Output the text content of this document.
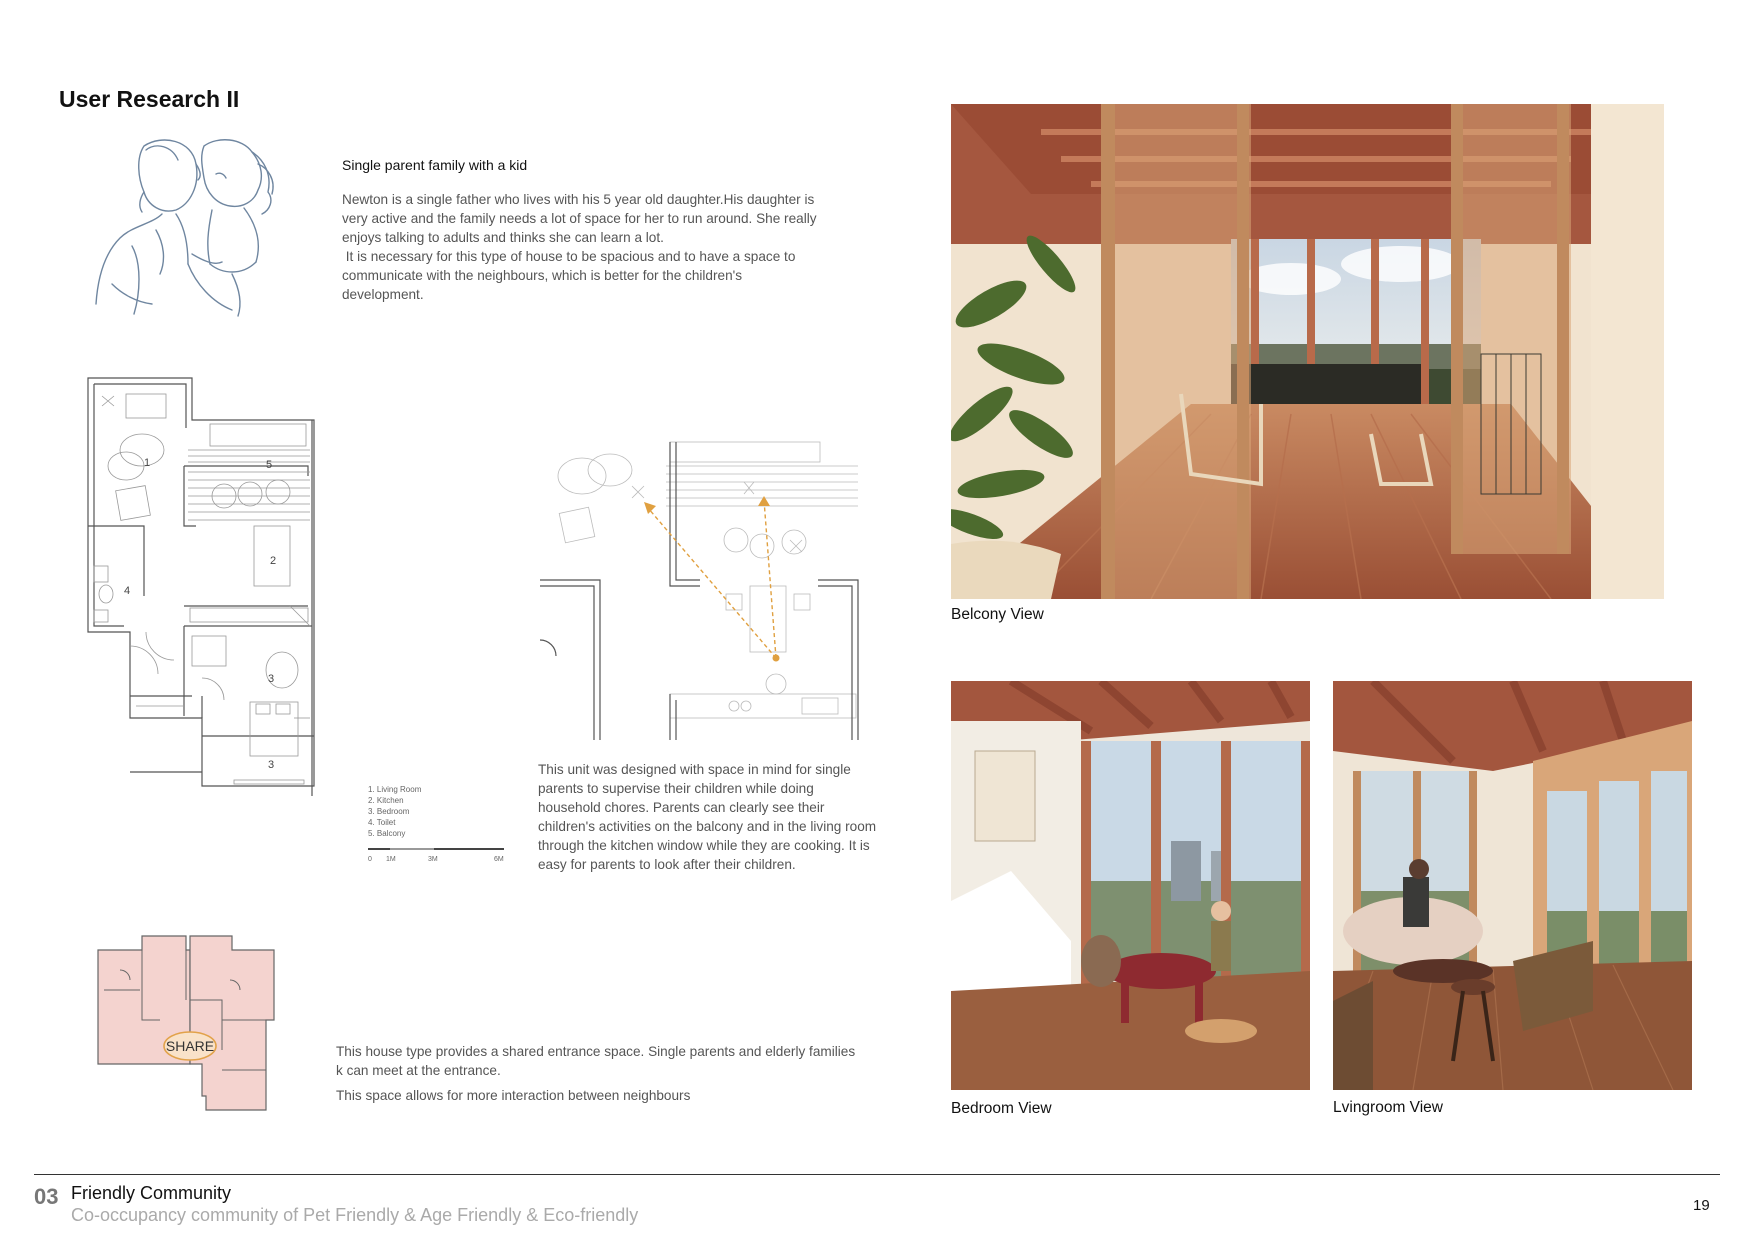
User Research II
Single parent family with a kid

Newton is a single father who lives with his 5 year old daughter.His daughter is very active and the family needs a lot of space for her to run around. She really enjoys talking to adults and thinks she can learn a lot.

It is necessary for this type of house to be spacious and to have a space to communicate with the neighbours, which is better for the children's development.

1	5
2
4
3
3
1. Living Room
2. Kitchen
3. Bedroom
4. Toilet
5. Balcony
0 1M	3M	6M
This unit was designed with space in mind for single parents to supervise their children while doing household chores. Parents can clearly see their children's activities on the balcony and in the living room through the kitchen window while they are cooking. It is easy for parents to look after their children.
SHARE	This house type provides a shared entrance space. Single parents and elderly families k can meet at the entrance.

This space allows for more interaction between neighbours

Belcony View
Bedroom View	Lvingroom View
03 Friendly Community
Co-occupancy community of Pet Friendly & Age Friendly & Eco-friendly	19
